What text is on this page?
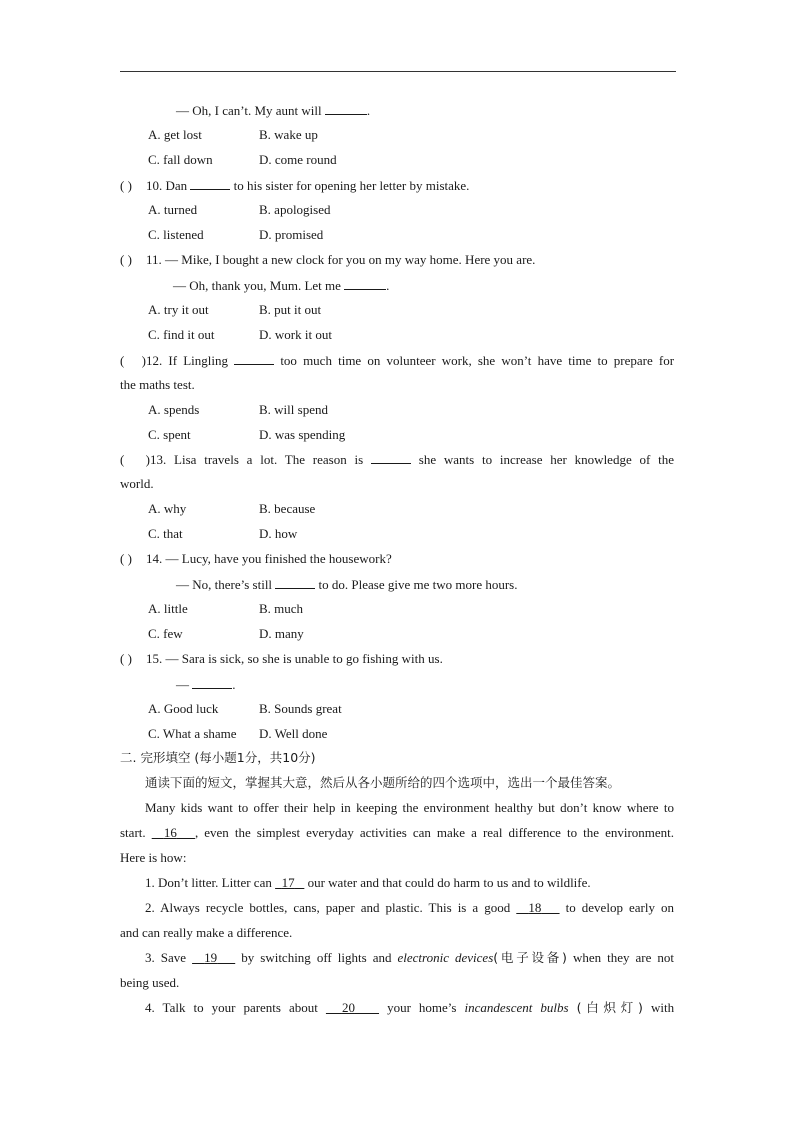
— Oh, I can’t. My aunt will	.
A. get lost	B. wake up
C. fall down	D. come round
( ) 10. Dan	to his sister for opening her letter by mistake.
A. turned	B. apologised
C. listened	D. promised
( ) 11. — Mike, I bought a new clock for you on my way home. Here you are.
— Oh, thank you, Mum. Let me	.
A. try it out	B. put it out
C. find it out	D. work it out
( )12. If Lingling	too much time on volunteer work, she won’t have time to prepare for
the maths test.
A. spends	B. will spend
C. spent	D. was spending
( )13. Lisa travels a lot. The reason is	she wants to increase her knowledge of the
world.
A. why	B. because
C. that	D. how
( ) 14. — Lucy, have you finished the housework?
— No, there’s still	to do. Please give me two more hours.
A. little	B. much
C. few	D. many
( ) 15. — Sara is sick, so she is unable to go fishing with us.
—	.
A. Good luck	B. Sounds great
C. What a shame D. Well done
二. 完形填空 (每小题1分，共10分)
通读下面的短文，掌握其大意，然后从各小题所给的四个选项中，选出一个最佳答案。
Many kids want to offer their help in keeping the environment healthy but don’t know where to
start. 16 , even the simplest everyday activities can make a real difference to the environment.
Here is how:
1. Don’t litter. Litter can 17 our water and that could do harm to us and to wildlife.
2. Always recycle bottles, cans, paper and plastic. This is a good 18 to develop early on
and can really make a difference.
3. Save 19 by switching off lights and electronic devices(电子设备) when they are not
being used.
4. Talk to your parents about 20 your home’s incandescent bulbs (白炽灯) with
